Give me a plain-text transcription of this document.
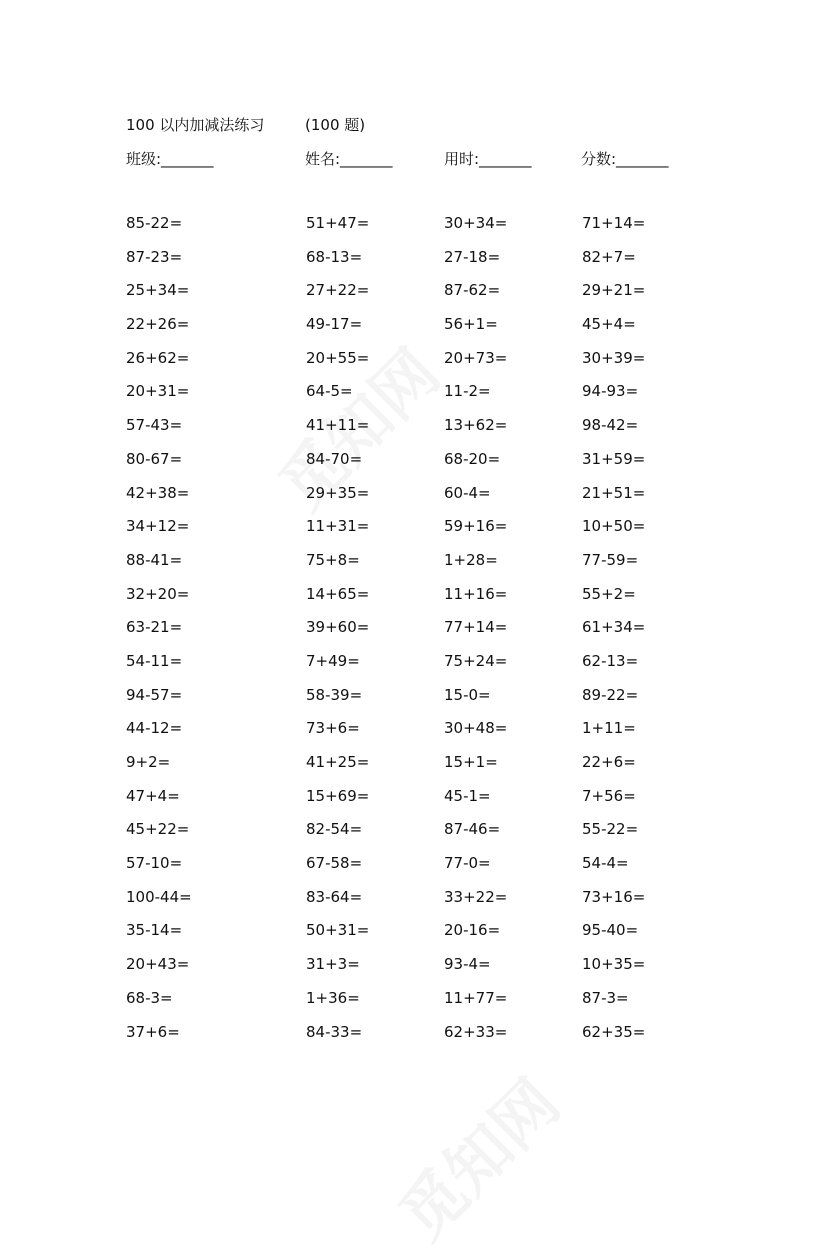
100 以内加减法练习	(100 题)
班级:_______	姓名:_______	用时:_______	分数:_______
85-22=	51+47=	30+34=	71+14=
87-23=	68-13=	27-18=	82+7=
25+34=	27+22=	87-62=	29+21=
22+26=	49-17=	56+1=	45+4=
26+62=	20+55=	20+73=	30+39=
20+31=	64-5=	11-2=	94-93=
57-43=	41+11=	13+62=	98-42=
80-67=	84-70=	68-20=	31+59=
42+38=	29+35=	60-4=	21+51=
34+12=	11+31=	59+16=	10+50=
88-41=	75+8=	1+28=	77-59=
32+20=	14+65=	11+16=	55+2=
63-21=	39+60=	77+14=	61+34=
54-11=	7+49=	75+24=	62-13=
94-57=	58-39=	15-0=	89-22=
44-12=	73+6=	30+48=	1+11=
9+2=	41+25=	15+1=	22+6=
47+4=	15+69=	45-1=	7+56=
45+22=	82-54=	87-46=	55-22=
57-10=	67-58=	77-0=	54-4=
100-44=	83-64=	33+22=	73+16=
35-14=	50+31=	20-16=	95-40=
20+43=	31+3=	93-4=	10+35=
68-3=	1+36=	11+77=	87-3=
37+6=	84-33=	62+33=	62+35=
